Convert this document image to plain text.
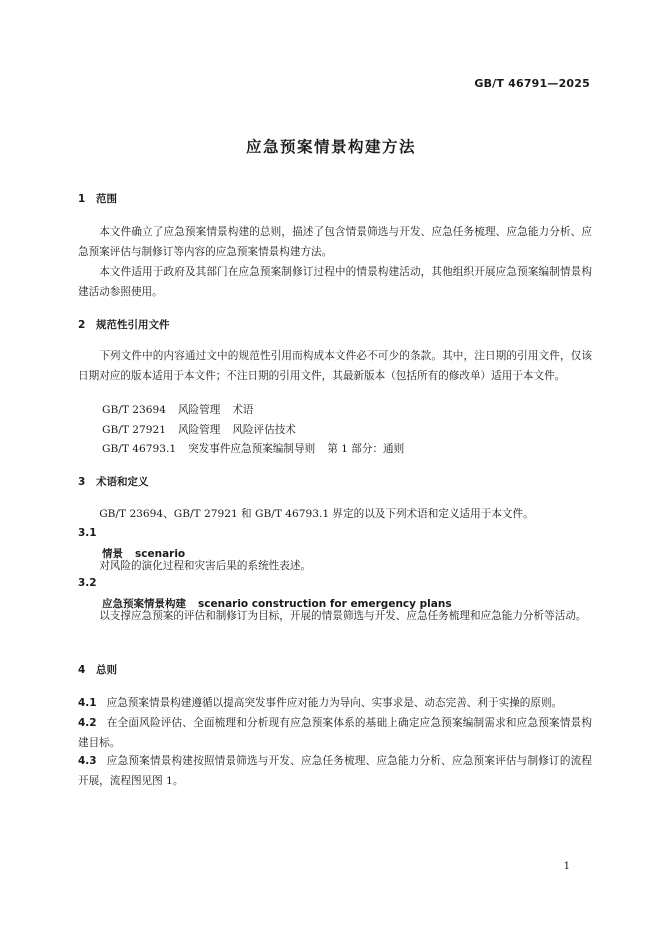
GB/T 46791—2025
应急预案情景构建方法
1 范围
本文件确立了应急预案情景构建的总则，描述了包含情景筛选与开发、应急任务梳理、应急能力分析、应急预案评估与制修订等内容的应急预案情景构建方法。
本文件适用于政府及其部门在应急预案制修订过程中的情景构建活动，其他组织开展应急预案编制情景构建活动参照使用。
2 规范性引用文件
下列文件中的内容通过文中的规范性引用而构成本文件必不可少的条款。其中，注日期的引用文件，仅该日期对应的版本适用于本文件；不注日期的引用文件，其最新版本（包括所有的修改单）适用于本文件。
GB/T 23694 风险管理 术语
GB/T 27921 风险管理 风险评估技术
GB/T 46793.1 突发事件应急预案编制导则 第 1 部分：通则
3 术语和定义
GB/T 23694、GB/T 27921 和 GB/T 46793.1 界定的以及下列术语和定义适用于本文件。
3.1
情景 scenario
对风险的演化过程和灾害后果的系统性表述。
3.2
应急预案情景构建 scenario construction for emergency plans
以支撑应急预案的评估和制修订为目标，开展的情景筛选与开发、应急任务梳理和应急能力分析等活动。
4 总则
4.1 应急预案情景构建遵循以提高突发事件应对能力为导向、实事求是、动态完善、利于实操的原则。
4.2 在全面风险评估、全面梳理和分析现有应急预案体系的基础上确定应急预案编制需求和应急预案情景构建目标。
4.3 应急预案情景构建按照情景筛选与开发、应急任务梳理、应急能力分析、应急预案评估与制修订的流程开展，流程图见图 1。
1
